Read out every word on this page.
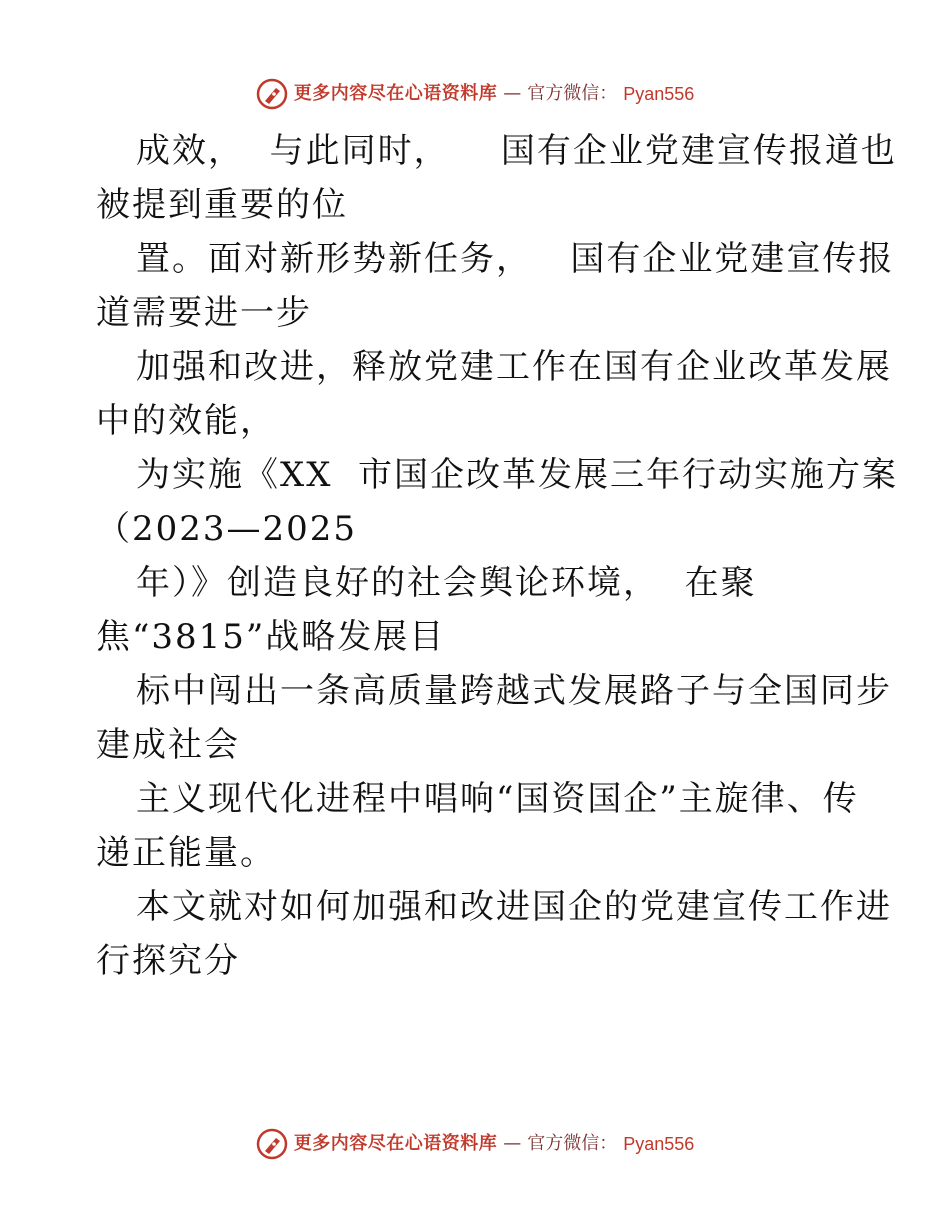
更多内容尽在心语资料库 — 官方微信： Pyan556
成效，  与此同时，    国有企业党建宣传报道也
被提到重要的位
置。面对新形势新任务，   国有企业党建宣传报
道需要进一步
加强和改进，释放党建工作在国有企业改革发展
中的效能，
为实施《XX  市国企改革发展三年行动实施方案
（2023—2025
年）》创造良好的社会舆论环境，  在聚
焦“3815”战略发展目
标中闯出一条高质量跨越式发展路子与全国同步
建成社会
主义现代化进程中唱响“国资国企”主旋律、传
递正能量。
本文就对如何加强和改进国企的党建宣传工作进
行探究分
更多内容尽在心语资料库 — 官方微信： Pyan556
